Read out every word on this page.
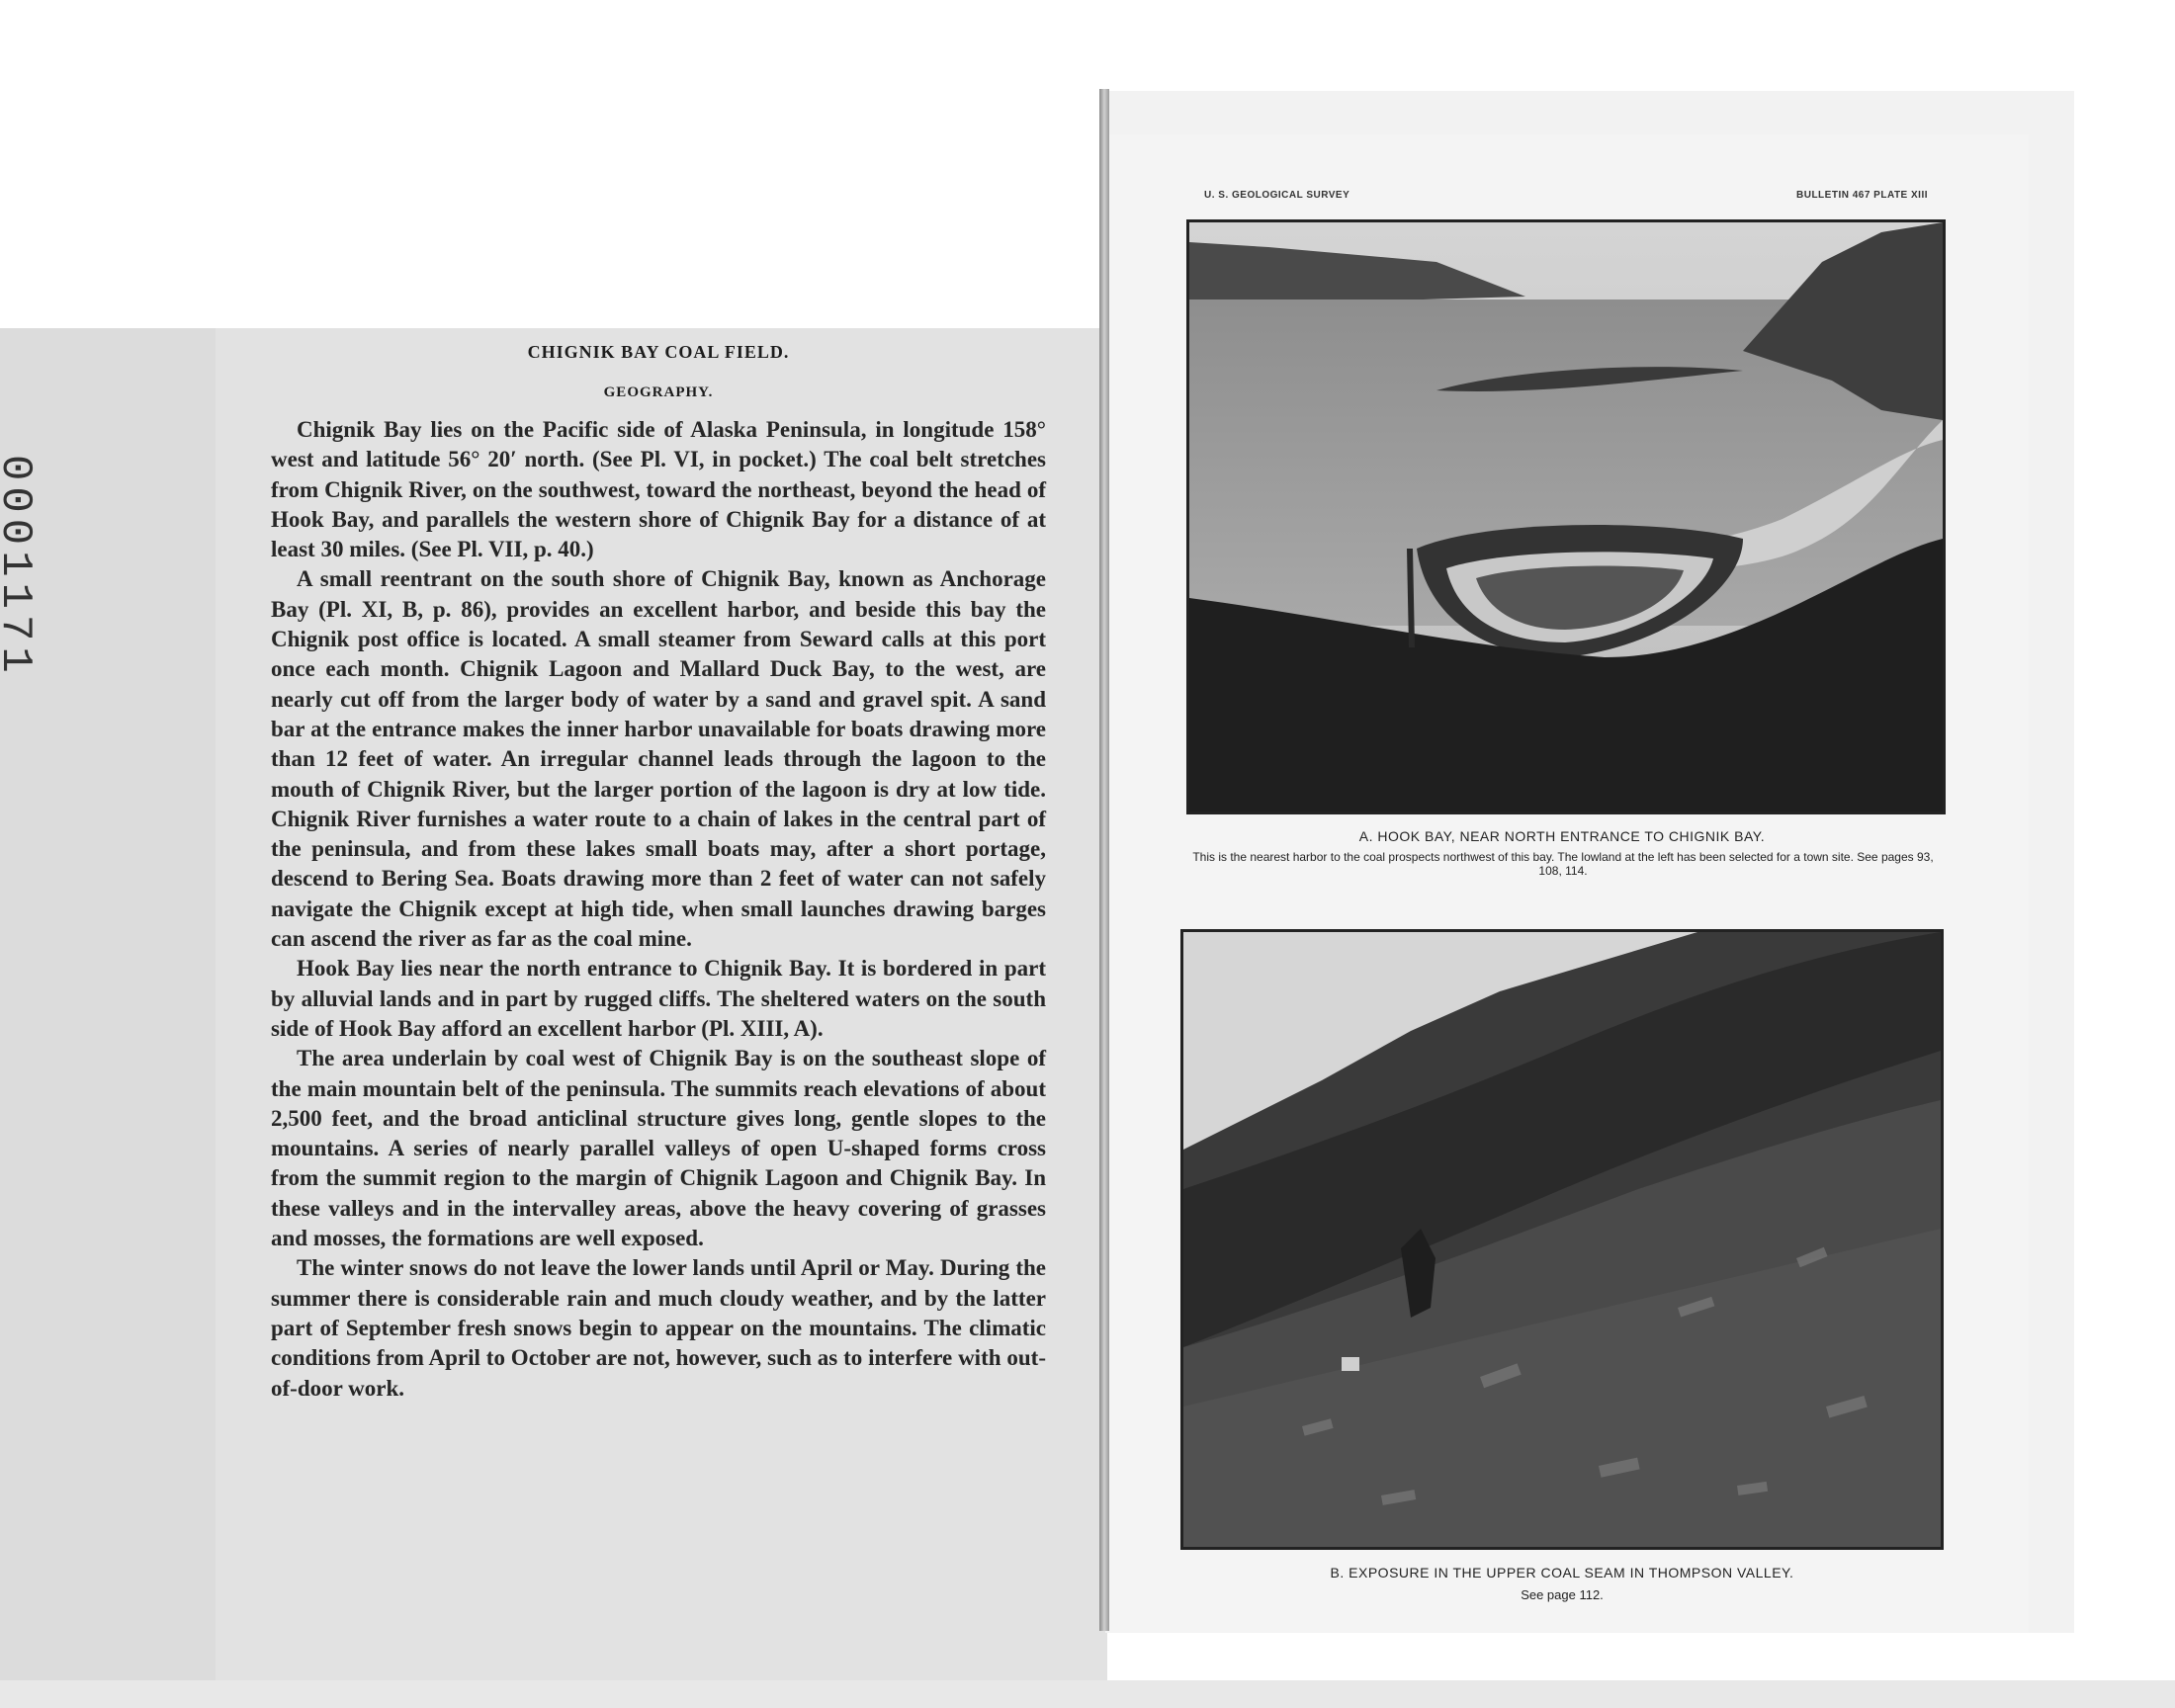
CHIGNIK BAY COAL FIELD.
GEOGRAPHY.

Chignik Bay lies on the Pacific side of Alaska Peninsula, in longitude 158° west and latitude 56° 20′ north. (See Pl. VI, in pocket.) The coal belt stretches from Chignik River, on the southwest, toward the northeast, beyond the head of Hook Bay, and parallels the western shore of Chignik Bay for a distance of at least 30 miles. (See Pl. VII, p. 40.)

A small reentrant on the south shore of Chignik Bay, known as Anchorage Bay (Pl. XI, B, p. 86), provides an excellent harbor, and beside this bay the Chignik post office is located. A small steamer from Seward calls at this port once each month. Chignik Lagoon and Mallard Duck Bay, to the west, are nearly cut off from the larger body of water by a sand and gravel spit. A sand bar at the entrance makes the inner harbor unavailable for boats drawing more than 12 feet of water. An irregular channel leads through the lagoon to the mouth of Chignik River, but the larger portion of the lagoon is dry at low tide. Chignik River furnishes a water route to a chain of lakes in the central part of the peninsula, and from these lakes small boats may, after a short portage, descend to Bering Sea. Boats drawing more than 2 feet of water can not safely navigate the Chignik except at high tide, when small launches drawing barges can ascend the river as far as the coal mine.

Hook Bay lies near the north entrance to Chignik Bay. It is bordered in part by alluvial lands and in part by rugged cliffs. The sheltered waters on the south side of Hook Bay afford an excellent harbor (Pl. XIII, A).

The area underlain by coal west of Chignik Bay is on the southeast slope of the main mountain belt of the peninsula. The summits reach elevations of about 2,500 feet, and the broad anticlinal structure gives long, gentle slopes to the mountains. A series of nearly parallel valleys of open U-shaped forms cross from the summit region to the margin of Chignik Lagoon and Chignik Bay. In these valleys and in the intervalley areas, above the heavy covering of grasses and mosses, the formations are well exposed.

The winter snows do not leave the lower lands until April or May. During the summer there is considerable rain and much cloudy weather, and by the latter part of September fresh snows begin to appear on the mountains. The climatic conditions from April to October are not, however, such as to interfere with out-of-door work.

U. S. GEOLOGICAL SURVEY	BULLETIN 467 PLATE XIII
A. HOOK BAY, NEAR NORTH ENTRANCE TO CHIGNIK BAY.
This is the nearest harbor to the coal prospects northwest of this bay. The lowland at the left has been selected for a town site. See pages 93, 108, 114.
B. EXPOSURE IN THE UPPER COAL SEAM IN THOMPSON VALLEY.
See page 112.
